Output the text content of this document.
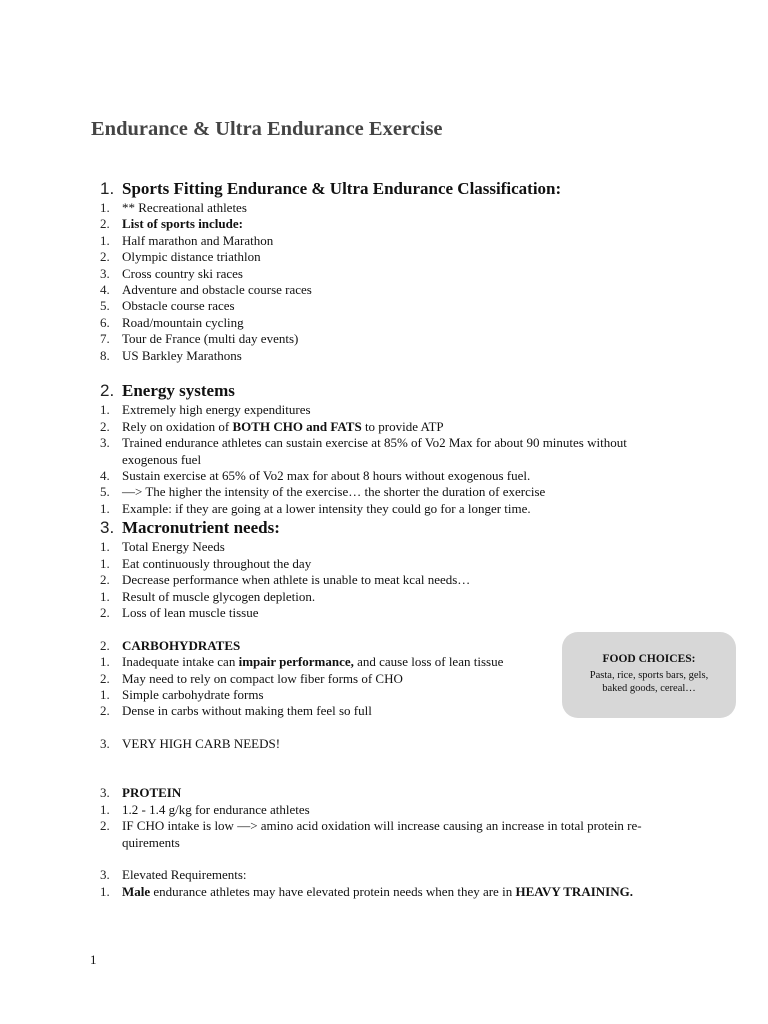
Endurance & Ultra Endurance Exercise
1. Sports Fitting Endurance & Ultra Endurance Classification:
1. ** Recreational athletes
2. List of sports include:
1. Half marathon and Marathon
2. Olympic distance triathlon
3. Cross country ski races
4. Adventure and obstacle course races
5. Obstacle course races
6. Road/mountain cycling
7. Tour de France (multi day events)
8. US Barkley Marathons
2. Energy systems
1. Extremely high energy expenditures
2. Rely on oxidation of BOTH CHO and FATS to provide ATP
3. Trained endurance athletes can sustain exercise at 85% of Vo2 Max for about 90 minutes without exogenous fuel
4. Sustain exercise at 65% of Vo2 max for about 8 hours without exogenous fuel.
5. —> The higher the intensity of the exercise… the shorter the duration of exercise
1. Example: if they are going at a lower intensity they could go for a longer time.
3. Macronutrient needs:
1. Total Energy Needs
1. Eat continuously throughout the day
2. Decrease performance when athlete is unable to meat kcal needs…
1. Result of muscle glycogen depletion.
2. Loss of lean muscle tissue
2. CARBOHYDRATES
1. Inadequate intake can impair performance, and cause loss of lean tissue
2. May need to rely on compact low fiber forms of CHO
1. Simple carbohydrate forms
2. Dense in carbs without making them feel so full
3. VERY HIGH CARB NEEDS!
3. PROTEIN
1. 1.2 - 1.4 g/kg for endurance athletes
2. IF CHO intake is low —> amino acid oxidation will increase causing an increase in total protein re-quirements
3. Elevated Requirements:
1. Male endurance athletes may have elevated protein needs when they are in HEAVY TRAINING.
FOOD CHOICES:
Pasta, rice, sports bars, gels,
baked goods, cereal…
1
